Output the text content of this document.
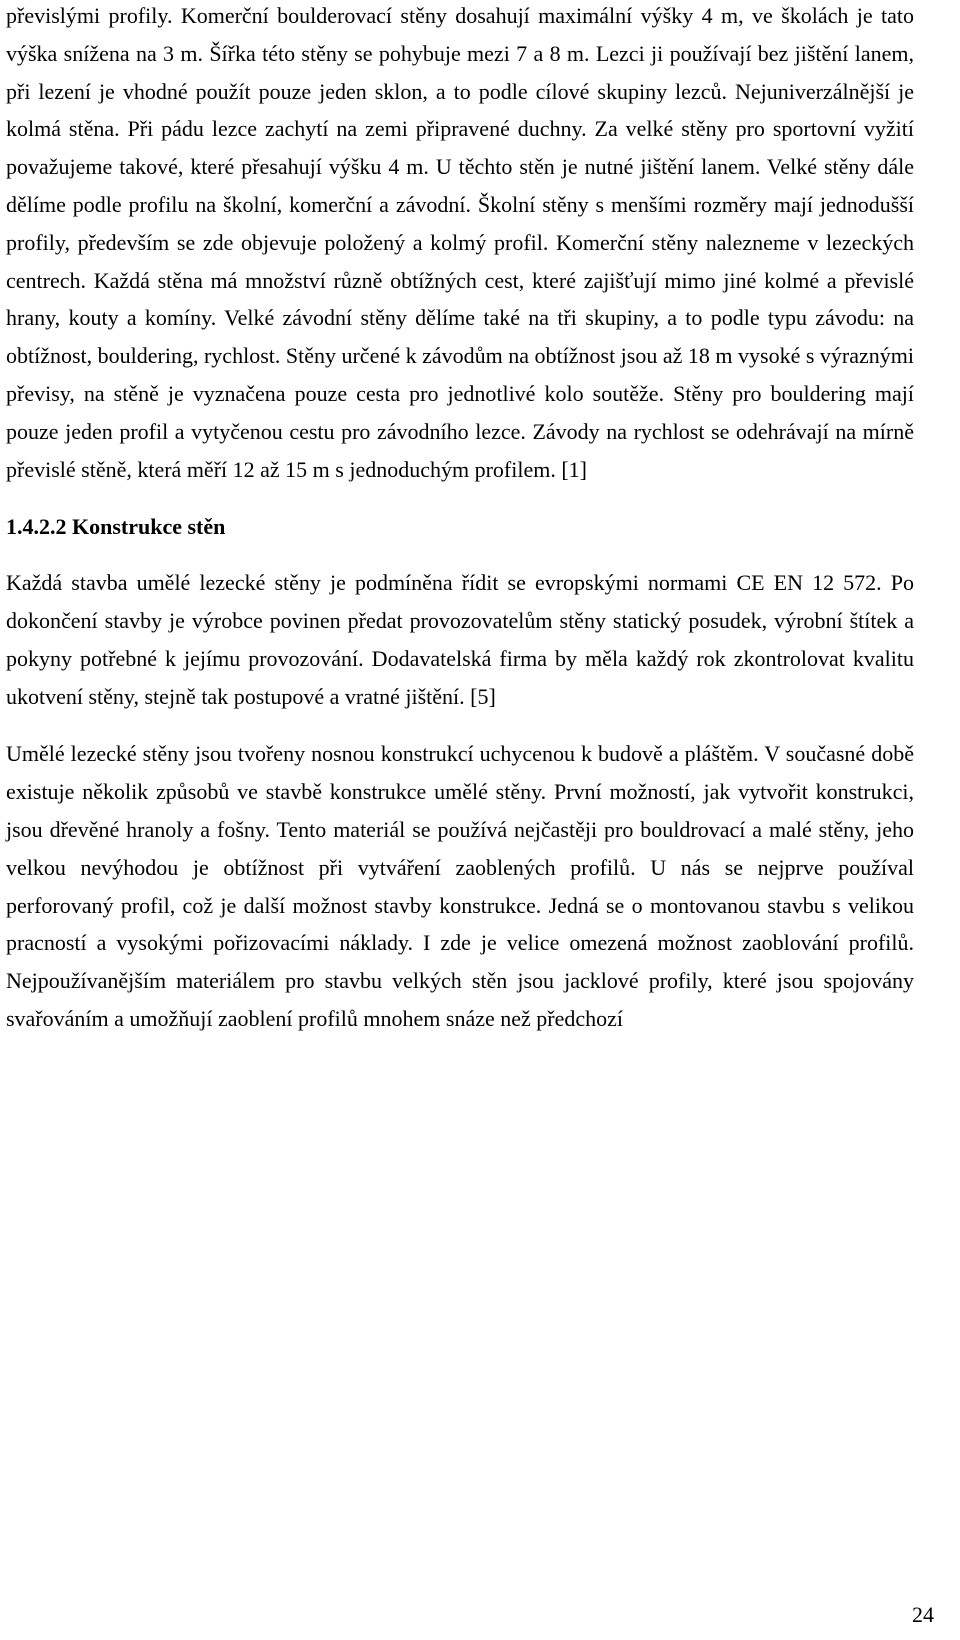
převislými profily. Komerční boulderovací stěny dosahují maximální výšky 4 m, ve školách je tato výška snížena na 3 m. Šířka této stěny se pohybuje mezi 7 a 8 m. Lezci ji používají bez jištění lanem, při lezení je vhodné použít pouze jeden sklon, a to podle cílové skupiny lezců. Nejuniverzálnější je kolmá stěna. Při pádu lezce zachytí na zemi připravené duchny. Za velké stěny pro sportovní vyžití považujeme takové, které přesahují výšku 4 m. U těchto stěn je nutné jištění lanem. Velké stěny dále dělíme podle profilu na školní, komerční a závodní. Školní stěny s menšími rozměry mají jednodušší profily, především se zde objevuje položený a kolmý profil. Komerční stěny nalezneme v lezeckých centrech. Každá stěna má množství různě obtížných cest, které zajišťují mimo jiné kolmé a převislé hrany, kouty a komíny. Velké závodní stěny dělíme také na tři skupiny, a to podle typu závodu: na obtížnost, bouldering, rychlost. Stěny určené k závodům na obtížnost jsou až 18 m vysoké s výraznými převisy, na stěně je vyznačena pouze cesta pro jednotlivé kolo soutěže. Stěny pro bouldering mají pouze jeden profil a vytyčenou cestu pro závodního lezce. Závody na rychlost se odehrávají na mírně převislé stěně, která měří 12 až 15 m s jednoduchým profilem. [1]

1.4.2.2 Konstrukce stěn

Každá stavba umělé lezecké stěny je podmíněna řídit se evropskými normami CE EN 12 572. Po dokončení stavby je výrobce povinen předat provozovatelům stěny statický posudek, výrobní štítek a pokyny potřebné k jejímu provozování. Dodavatelská firma by měla každý rok zkontrolovat kvalitu ukotvení stěny, stejně tak postupové a vratné jištění. [5]

Umělé lezecké stěny jsou tvořeny nosnou konstrukcí uchycenou k budově a pláštěm. V současné době existuje několik způsobů ve stavbě konstrukce umělé stěny. První možností, jak vytvořit konstrukci, jsou dřevěné hranoly a fošny. Tento materiál se používá nejčastěji pro bouldrovací a malé stěny, jeho velkou nevýhodou je obtížnost při vytváření zaoblených profilů. U nás se nejprve používal perforovaný profil, což je další možnost stavby konstrukce. Jedná se o montovanou stavbu s velikou pracností a vysokými pořizovacími náklady. I zde je velice omezená možnost zaoblování profilů. Nejpoužívanějším materiálem pro stavbu velkých stěn jsou jacklové profily, které jsou spojovány svařováním a umožňují zaoblení profilů mnohem snáze než předchozí

24
